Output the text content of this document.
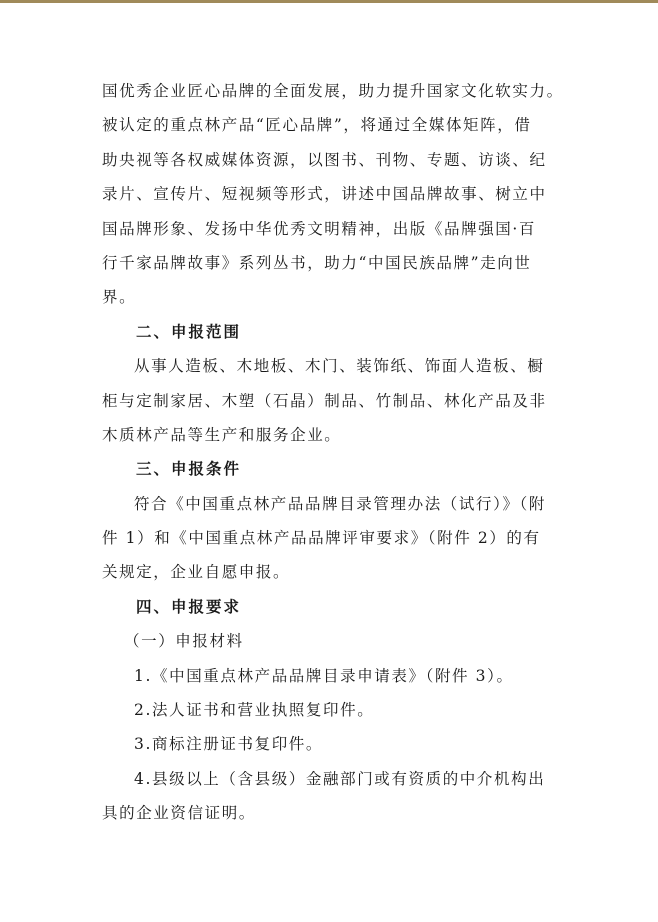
国优秀企业匠心品牌的全面发展，助力提升国家文化软实力。
被认定的重点林产品“匠心品牌”，将通过全媒体矩阵，借
助央视等各权威媒体资源，以图书、刊物、专题、访谈、纪
录片、宣传片、短视频等形式，讲述中国品牌故事、树立中
国品牌形象、发扬中华优秀文明精神，出版《品牌强国·百
行千家品牌故事》系列丛书，助力“中国民族品牌”走向世
界。
二、申报范围
从事人造板、木地板、木门、装饰纸、饰面人造板、橱
柜与定制家居、木塑（石晶）制品、竹制品、林化产品及非
木质林产品等生产和服务企业。
三、申报条件
符合《中国重点林产品品牌目录管理办法（试行）》（附
件 1）和《中国重点林产品品牌评审要求》（附件 2）的有
关规定，企业自愿申报。
四、申报要求
（一）申报材料
1.《中国重点林产品品牌目录申请表》（附件 3）。
2.法人证书和营业执照复印件。
3.商标注册证书复印件。
4.县级以上（含县级）金融部门或有资质的中介机构出
具的企业资信证明。
